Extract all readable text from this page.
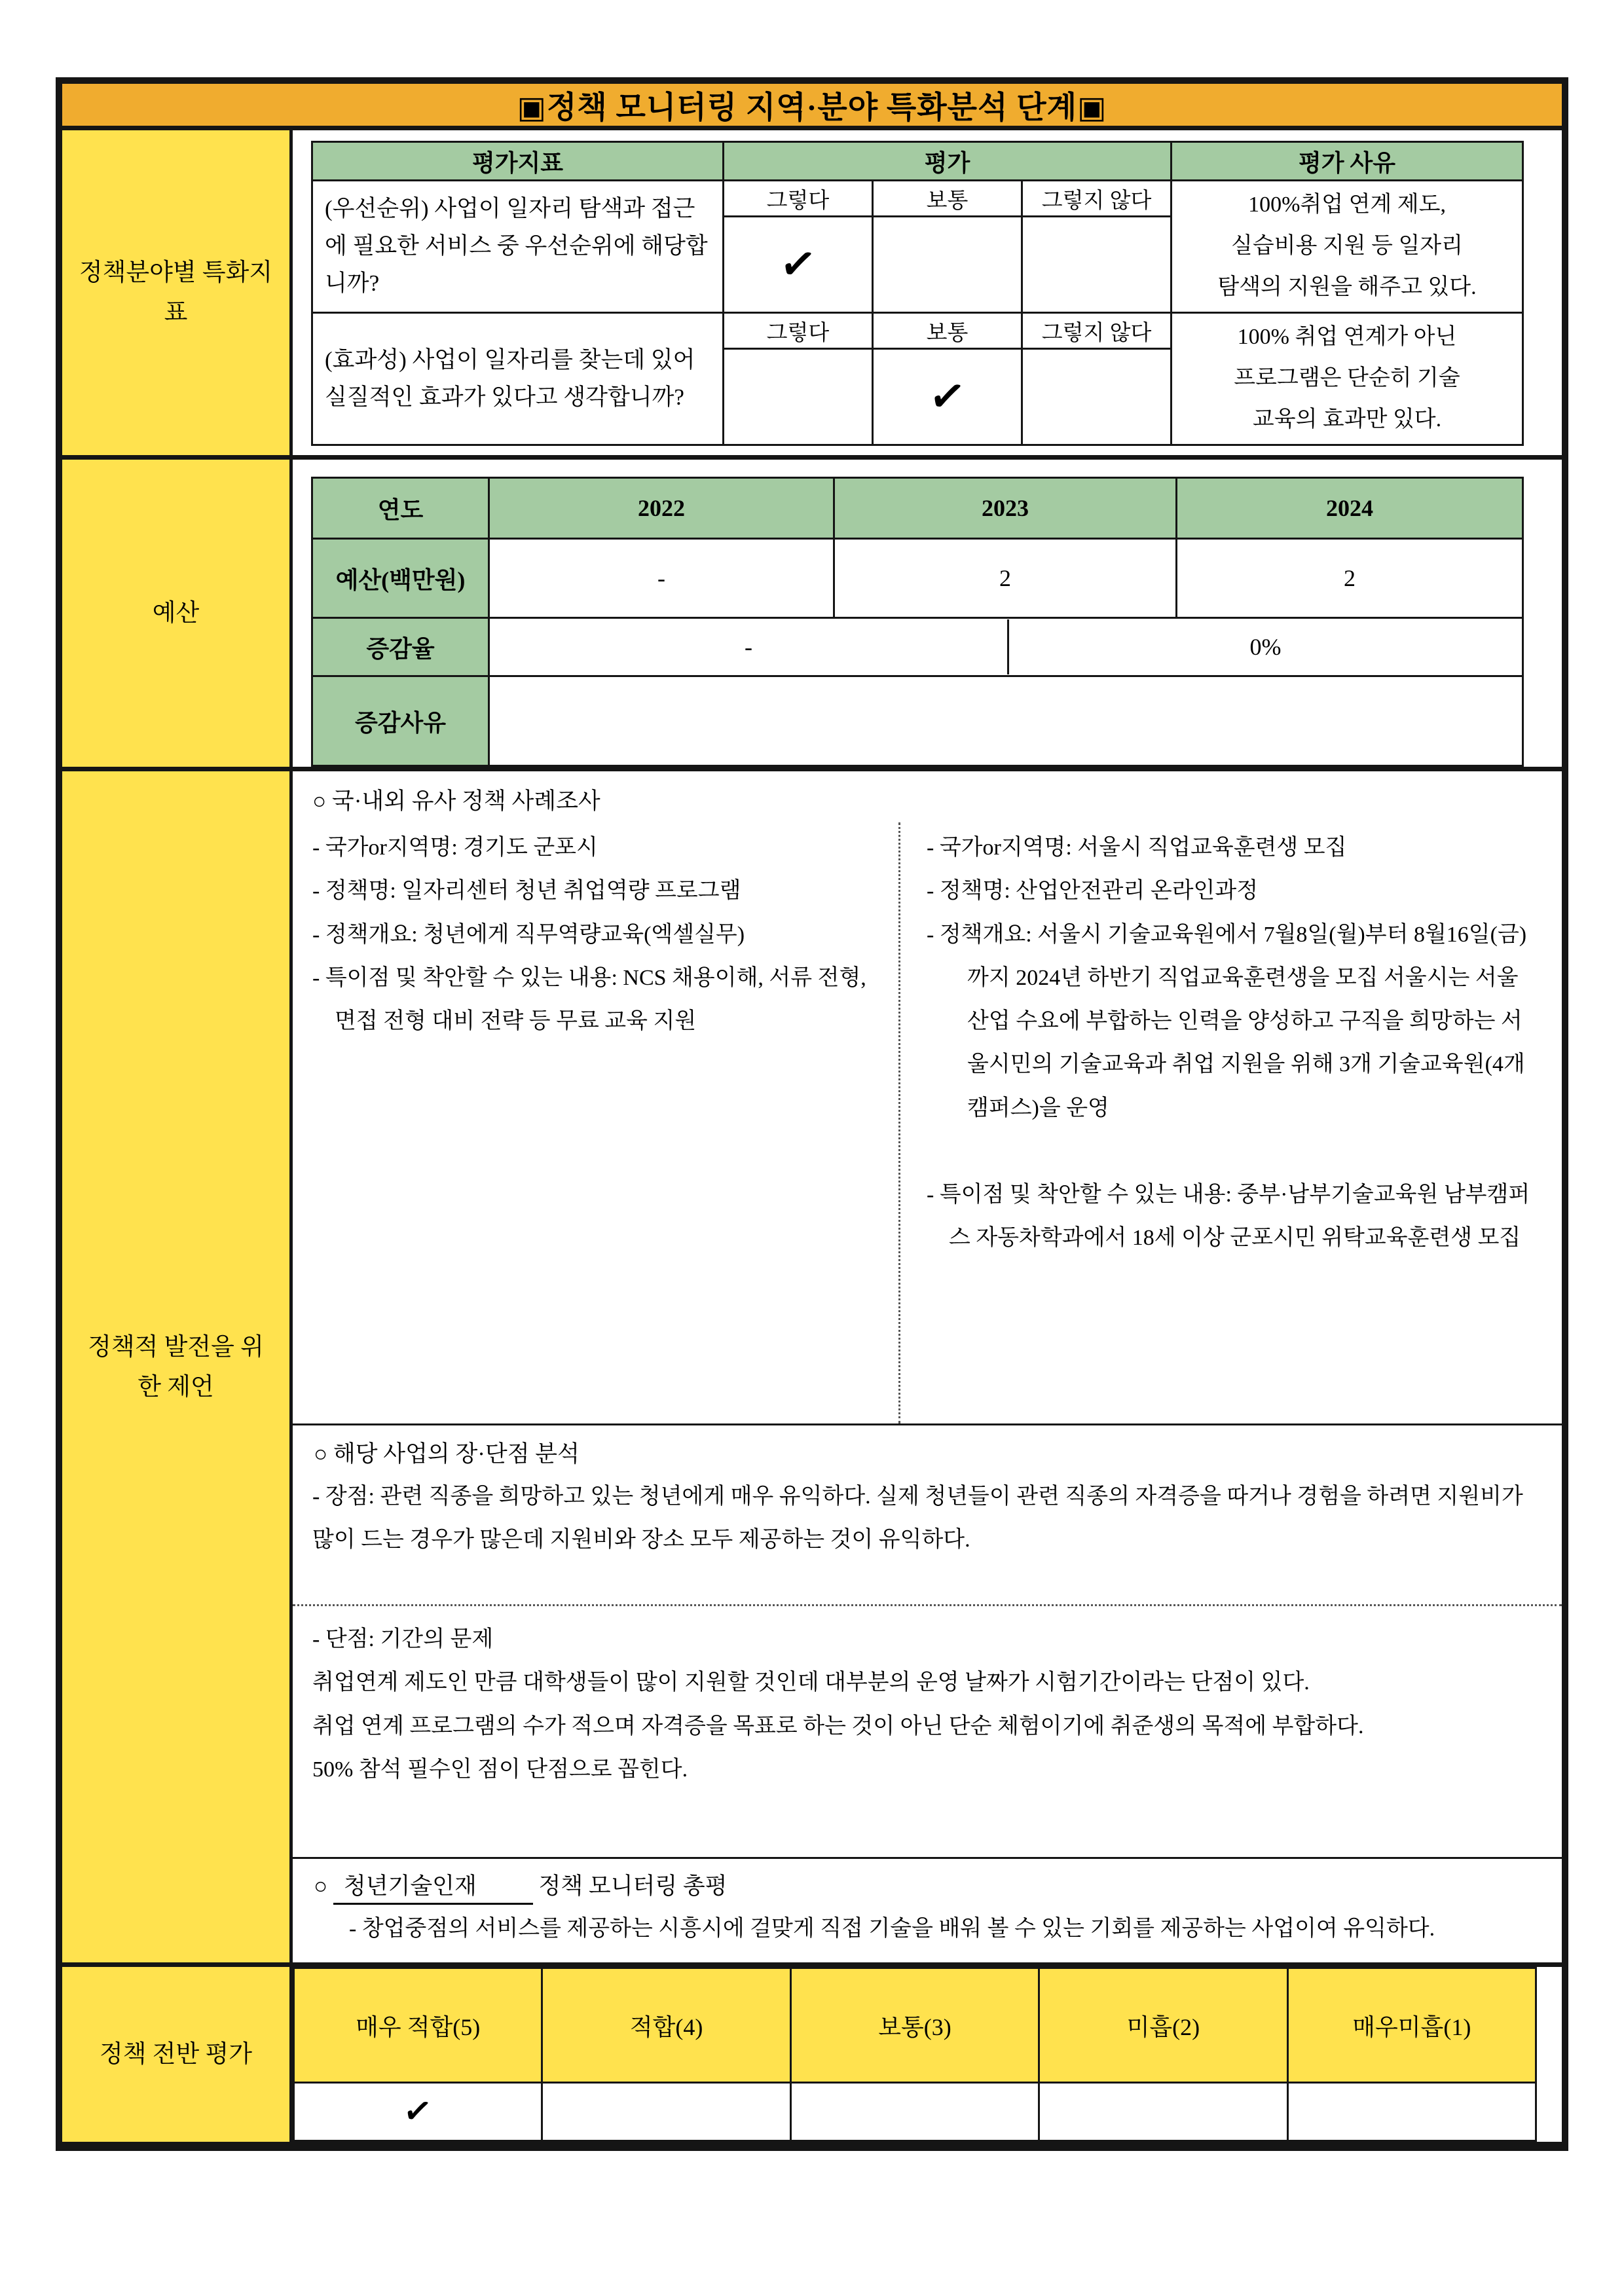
▣정책 모니터링 지역·분야 특화분석 단계▣
정책분야별 특화지표
평가지표	평가			평가 사유
(우선순위) 사업이 일자리 탐색과 접근에 필요한 서비스 중 우선순위에 해당합니까?	그렇다	보통	그렇지 않다	100%취업 연계 제도,
실습비용 지원 등 일자리
탐색의 지원을 해주고 있다.
	✓			
(효과성) 사업이 일자리를 찾는데 있어 실질적인 효과가 있다고 생각합니까?	그렇다	보통	그렇지 않다	100% 취업 연계가 아닌
프로그램은 단순히 기술
교육의 효과만 있다.
		✓		
예산
연도	2022	2023	2024
예산(백만원)	-	2	2
증감율	- 0%		

증감사유			
정책적 발전을 위한 제언
○ 국·내외 유사 정책 사례조사

- 국가or지역명: 경기도 군포시

- 정책명: 일자리센터 청년 취업역량 프로그램

- 정책개요: 청년에게 직무역량교육(엑셀실무)

- 특이점 및 착안할 수 있는 내용: NCS 채용이해, 서류 전형, 면접 전형 대비 전략 등 무료 교육 지원

- 국가or지역명: 서울시 직업교육훈련생 모집

- 정책명: 산업안전관리 온라인과정

- 정책개요: 서울시 기술교육원에서 7월8일(월)부터 8월16일(금)까지 2024년 하반기 직업교육훈련생을 모집 서울시는 서울산업 수요에 부합하는 인력을 양성하고 구직을 희망하는 서울시민의 기술교육과 취업 지원을 위해 3개 기술교육원(4개 캠퍼스)을 운영

- 특이점 및 착안할 수 있는 내용: 중부·남부기술교육원 남부캠퍼스 자동차학과에서 18세 이상 군포시민 위탁교육훈련생 모집

○ 해당 사업의 장·단점 분석

- 장점: 관련 직종을 희망하고 있는 청년에게 매우 유익하다. 실제 청년들이 관련 직종의 자격증을 따거나 경험을 하려면 지원비가 많이 드는 경우가 많은데 지원비와 장소 모두 제공하는 것이 유익하다.

- 단점: 기간의 문제

취업연계 제도인 만큼 대학생들이 많이 지원할 것인데 대부분의 운영 날짜가 시험기간이라는 단점이 있다.

취업 연계 프로그램의 수가 적으며 자격증을 목표로 하는 것이 아닌 단순 체험이기에 취준생의 목적에 부합하다.

50% 참석 필수인 점이 단점으로 꼽힌다.

○ 청년기술인재	정책 모니터링 총평

- 창업중점의 서비스를 제공하는 시흥시에 걸맞게 직접 기술을 배워 볼 수 있는 기회를 제공하는 사업이여 유익하다.

정책 전반 평가
매우 적합(5)	적합(4)	보통(3)	미흡(2)	매우미흡(1)
✓				
